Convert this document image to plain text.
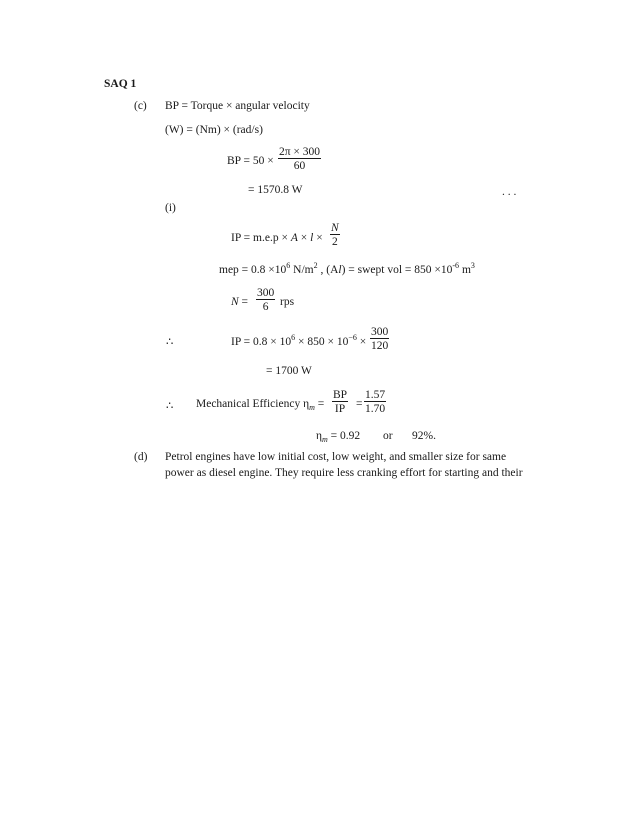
SAQ 1
(c) BP = Torque × angular velocity
(W) = (Nm) × (rad/s)
BP = $50 \times \frac{2\pi \times 300}{60}$
= 1570.8 W	. . .
(i)
IP = $m.e.p \times A \times l \times \frac{N}{2}$
mep = $0.8 \times 10^6$ $N/m^2$ , (Al) = swept vol = $850 \times 10^{-6}$ $m^3$
$N = \frac{300}{6}$ rps
∴	IP = $0.8 \times 10^6 \times 850 \times 10^{-6} \times \frac{300}{120}$
= 1700 W
∴ Mechanical Efficiency $\eta_m = \frac{BP}{IP} = \frac{1.57}{1.70}$
$\eta_m = 0.92$ or 92%.
(d) Petrol engines have low initial cost, low weight, and smaller size for same
power as diesel engine. They require less cranking effort for starting and their
